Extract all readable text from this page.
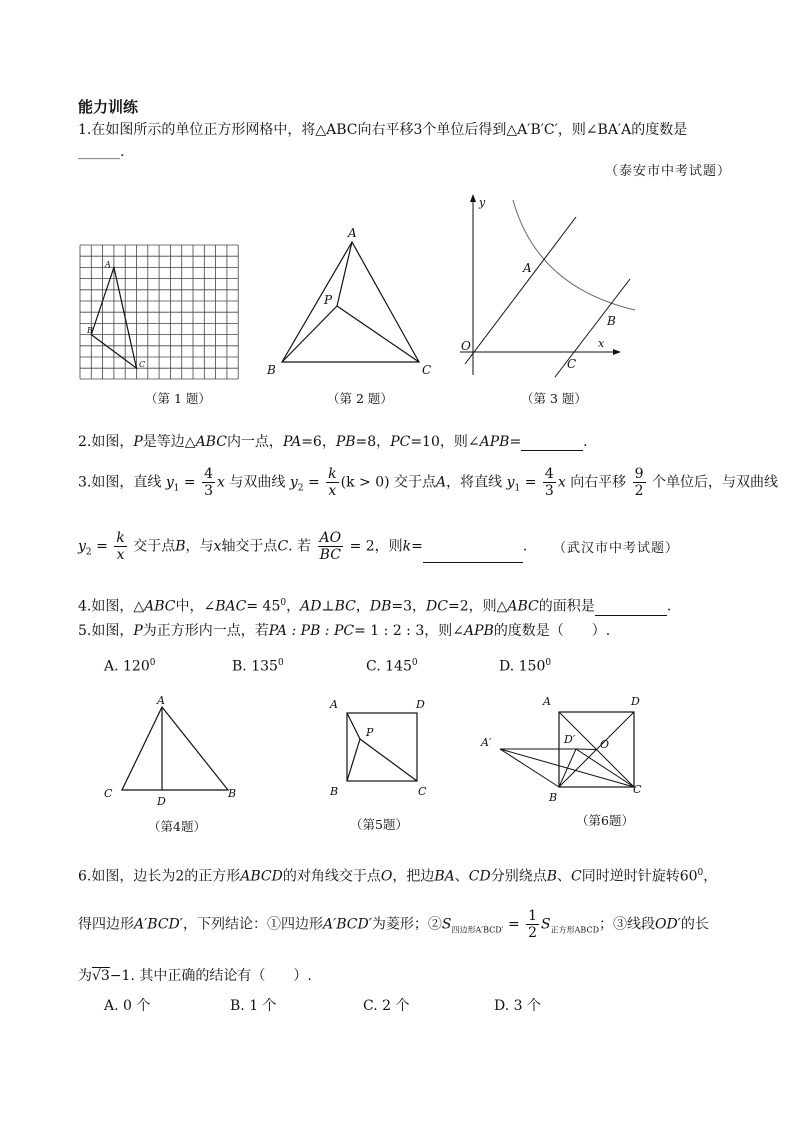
能力训练
1.在如图所示的单位正方形网格中，将△ABC向右平移3个单位后得到△A′B′C′，则∠BA′A的度数是
______.
（泰安市中考试题）
A
B
C
A
P
B	C
y
x
O
A
B
C
（第 1 题）	（第 2 题）	（第 3 题）
2.如图，P是等边△ABC内一点，PA=6，PB=8，PC=10，则∠APB=	.
3.如图，直线 $y_1 = \frac{4}{3}$ x 与双曲线 $y_2 = \frac{k}{x} (k > 0)$ 交于点A，将直线 $y_1 = \frac{4}{3}$ x 向右平移 $\frac{9}{2}$ 个单位后，与双曲线
$y_2 = \frac{k}{x}$ 交于点B，与x轴交于点C. 若 $\frac{AO}{BC} = 2$，则k=	. （武汉市中考试题）
4.如图，△ABC中，∠BAC= $45^0$，AD⊥BC，DB=3，DC=2，则△ABC的面积是	.
5.如图，P为正方形内一点，若PA : PB : PC= 1 : 2 : 3，则∠APB的度数是（　　）.
A. $120^0$	B. $135^0$	C. $145^0$	D. $150^0$
A
C
D
B
（第4题）
A	D
P
B	C
（第5题）
A	D
A′	D′ O
B
C
（第6题）
6.如图，边长为2的正方形ABCD的对角线交于点O，把边BA、CD分别绕点B、C同时逆时针旋转$60^0$，
得四边形A′BCD′，下列结论：①四边形A′BCD′为菱形；$②S_{四边形A'BCD'} = \frac{1}{2} S_{正方形ABCD}$；③线段OD′的长
为√3−1. 其中正确的结论有（　　）.
A. 0 个	B. 1 个	C. 2 个	D. 3 个
